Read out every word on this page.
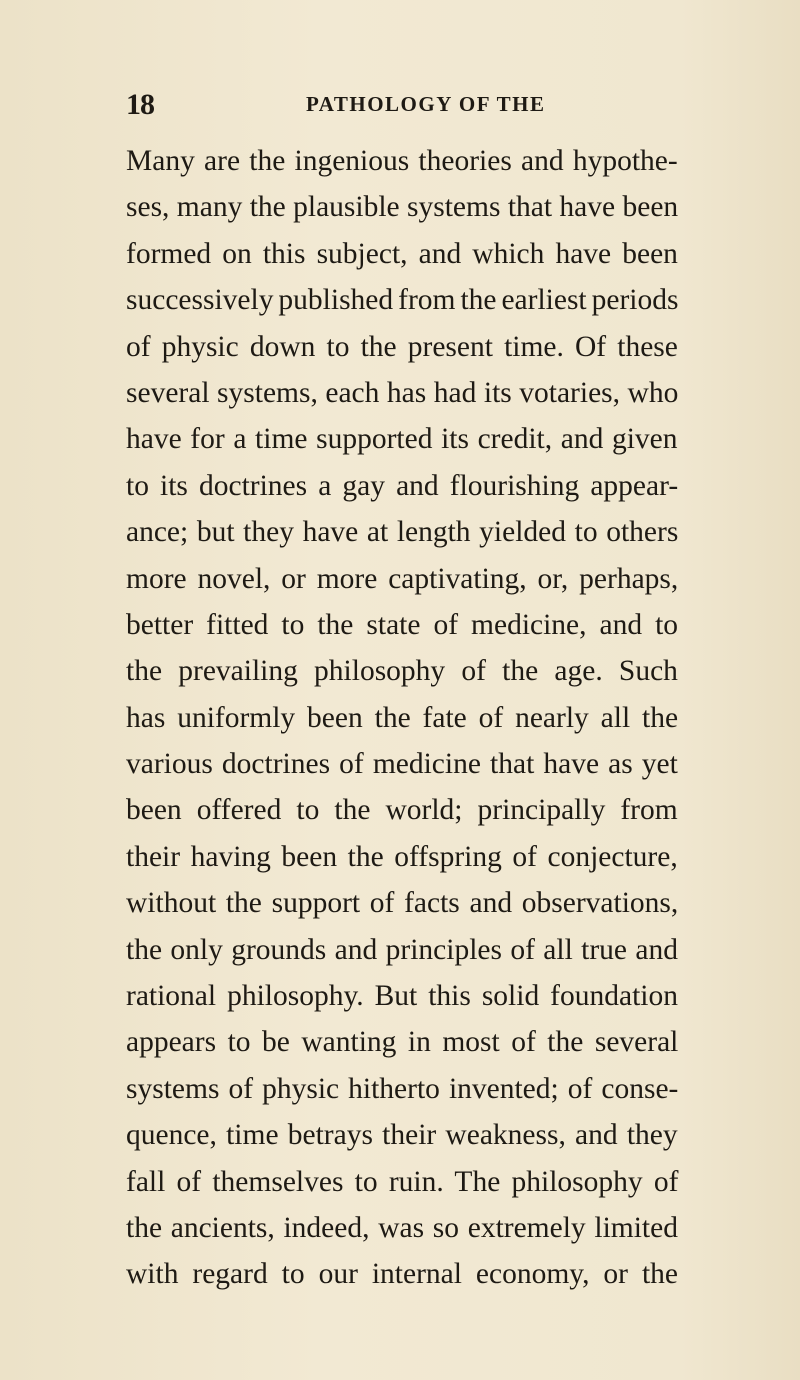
18	PATHOLOGY OF THE
Many are the ingenious theories and hypothe-
ses, many the plausible systems that have been
formed on this subject, and which have been
successively published from the earliest periods
of physic down to the present time. Of these
several systems, each has had its votaries, who
have for a time supported its credit, and given
to its doctrines a gay and flourishing appear-
ance; but they have at length yielded to others
more novel, or more captivating, or, perhaps,
better fitted to the state of medicine, and to
the prevailing philosophy of the age. Such
has uniformly been the fate of nearly all the
various doctrines of medicine that have as yet
been offered to the world; principally from
their having been the offspring of conjecture,
without the support of facts and observations,
the only grounds and principles of all true and
rational philosophy. But this solid foundation
appears to be wanting in most of the several
systems of physic hitherto invented; of conse-
quence, time betrays their weakness, and they
fall of themselves to ruin. The philosophy of
the ancients, indeed, was so extremely limited
with regard to our internal economy, or the
